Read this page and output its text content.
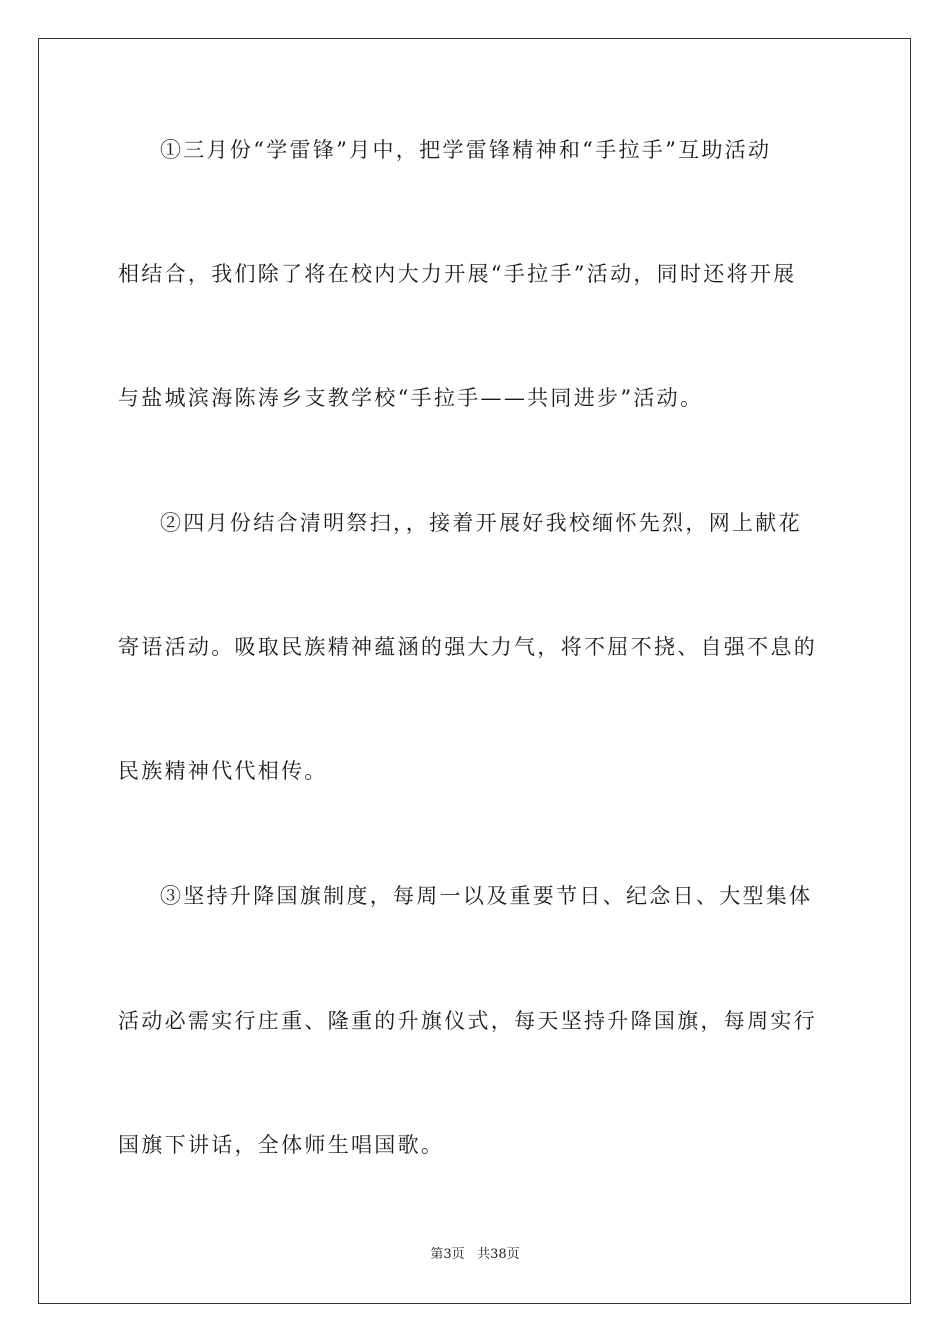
①三月份“学雷锋”月中，把学雷锋精神和“手拉手”互助活动
相结合，我们除了将在校内大力开展“手拉手”活动，同时还将开展
与盐城滨海陈涛乡支教学校“手拉手——共同进步”活动。
②四月份结合清明祭扫，，接着开展好我校缅怀先烈，网上献花
寄语活动。吸取民族精神蕴涵的强大力气，将不屈不挠、自强不息的
民族精神代代相传。
③坚持升降国旗制度，每周一以及重要节日、纪念日、大型集体
活动必需实行庄重、隆重的升旗仪式，每天坚持升降国旗，每周实行
国旗下讲话，全体师生唱国歌。
第3页 共38页
